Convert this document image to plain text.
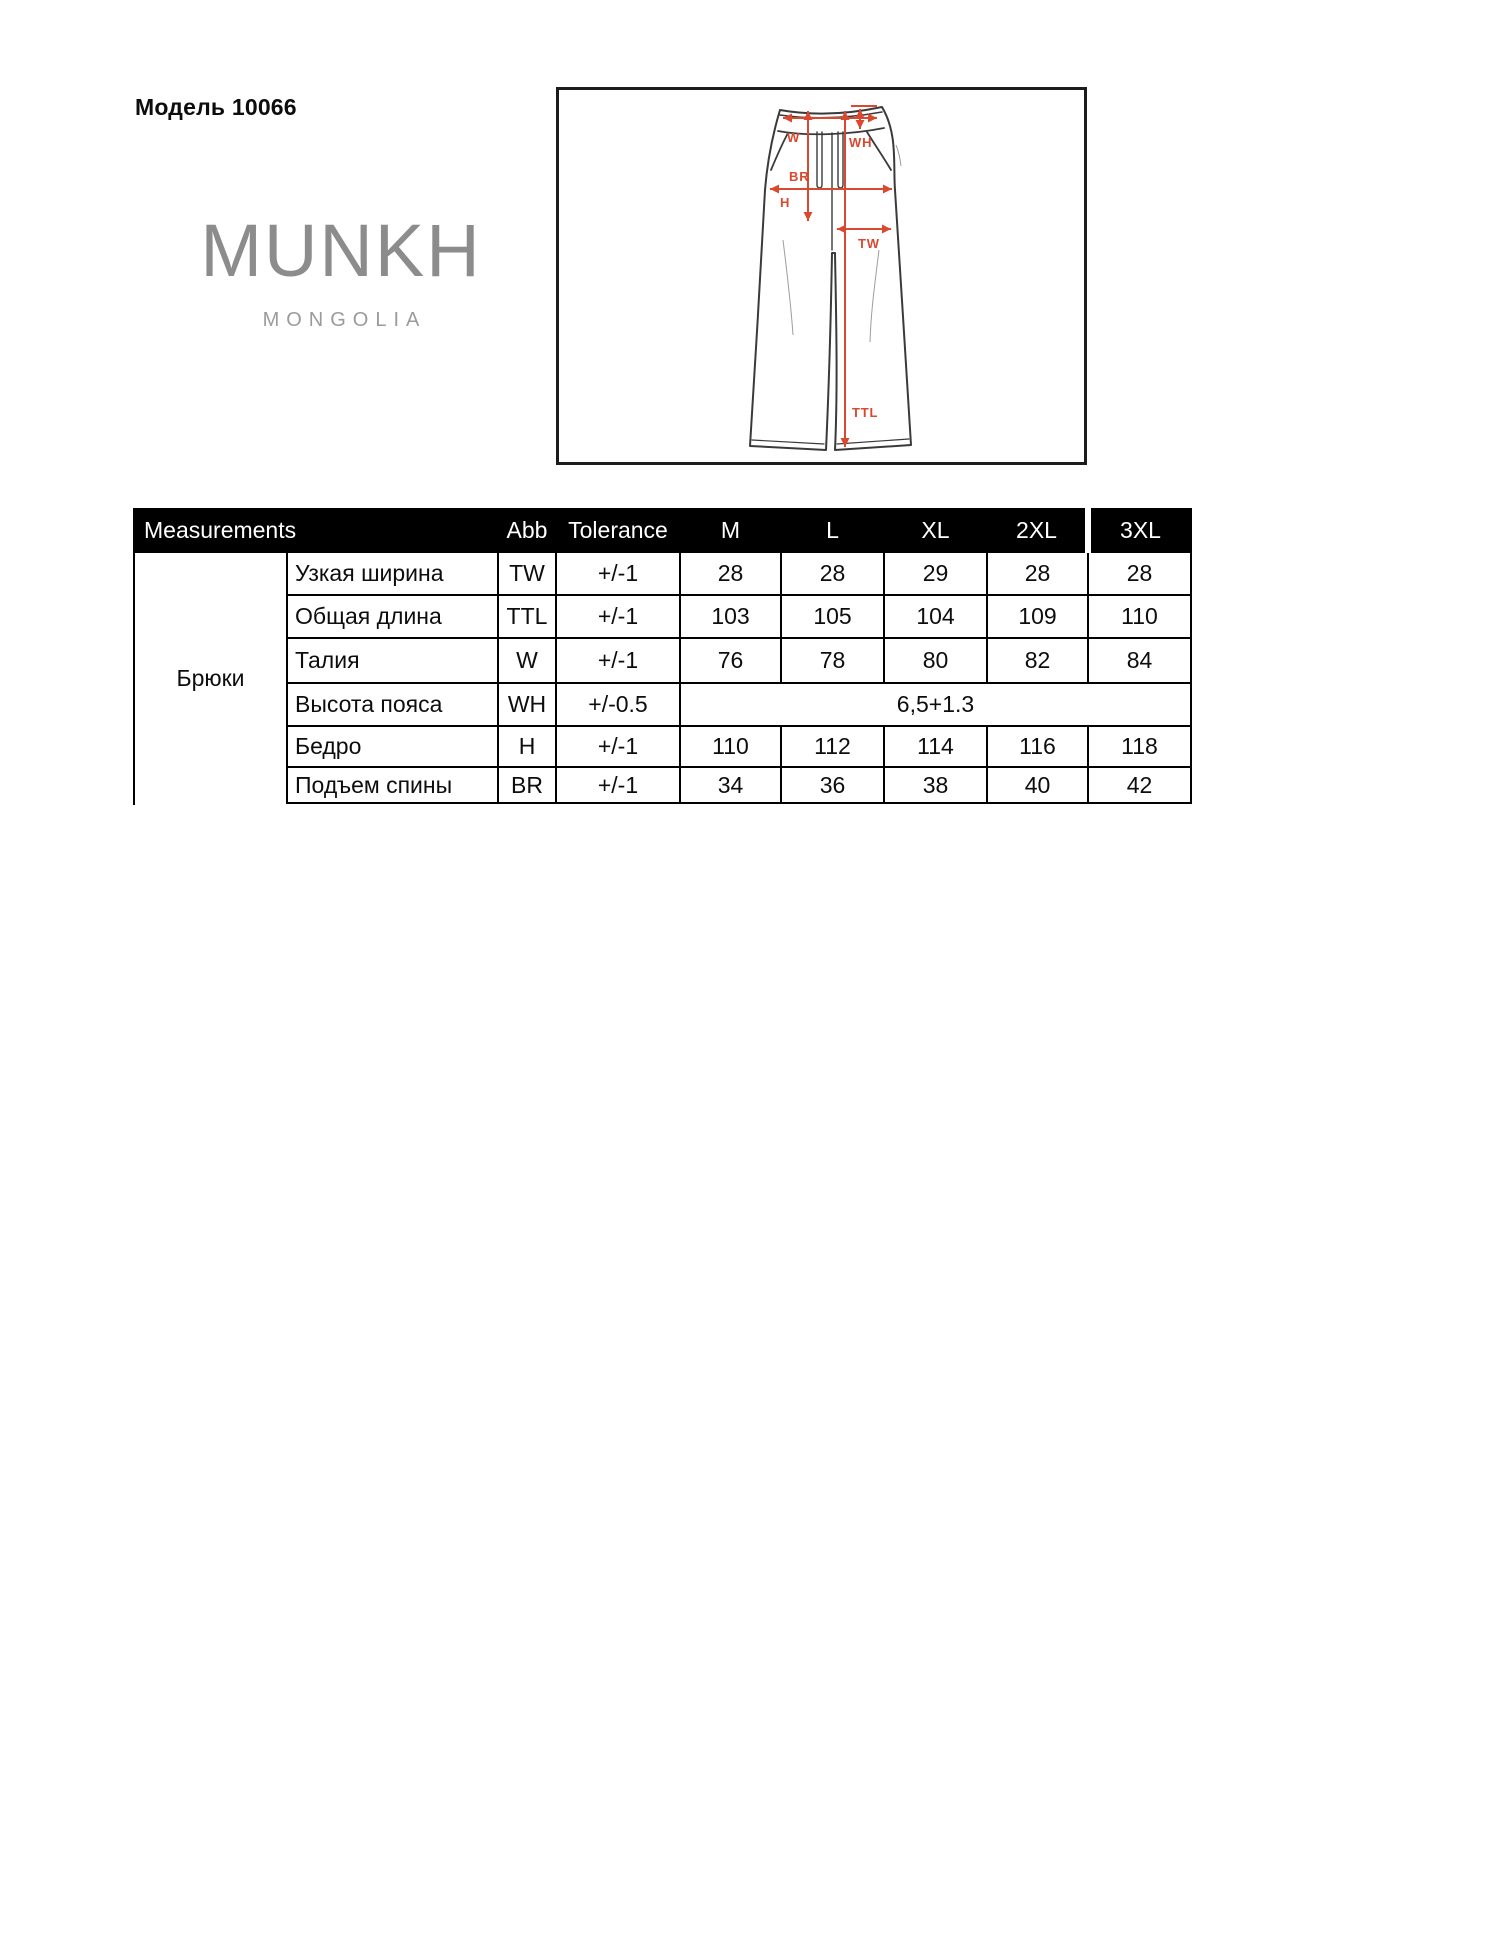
Модель 10066
MUNKH
MONGOLIA
W	WH
BR
H
TW
TTL
Measurements		Abb	Tolerance	M	L	XL	2XL	3XL
Брюки	Узкая ширина	TW	+/-1	28	28	29	28	28
	Общая длина	TTL	+/-1	103	105	104	109	110
	Талия	W	+/-1	76	78	80	82	84
	Высота пояса	WH	+/-0.5	6,5+1.3				
	Бедро	H	+/-1	110	112	114	116	118
	Подъем спины	BR	+/-1	34	36	38	40	42
